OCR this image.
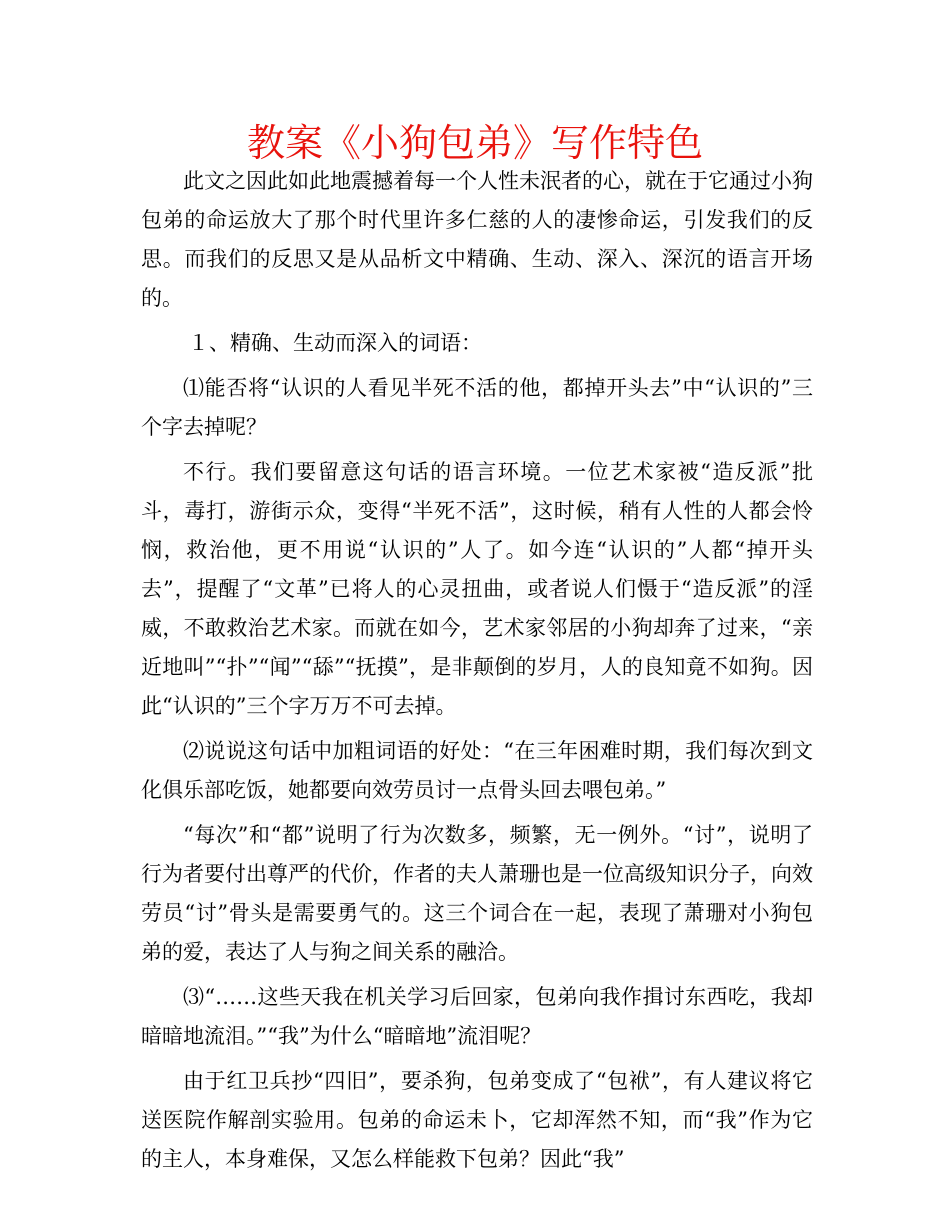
教案《小狗包弟》写作特色

此文之因此如此地震撼着每一个人性未泯者的心，就在于它通过小狗包弟的命运放大了那个时代里许多仁慈的人的凄惨命运，引发我们的反思。而我们的反思又是从品析文中精确、生动、深入、深沉的语言开场的。

１、精确、生动而深入的词语：

⑴能否将“认识的人看见半死不活的他，都掉开头去”中“认识的”三个字去掉呢？

不行。我们要留意这句话的语言环境。一位艺术家被“造反派”批斗，毒打，游街示众，变得“半死不活”，这时候，稍有人性的人都会怜悯，救治他，更不用说“认识的”人了。如今连“认识的”人都“掉开头去”，提醒了“文革”已将人的心灵扭曲，或者说人们慑于“造反派”的淫威，不敢救治艺术家。而就在如今，艺术家邻居的小狗却奔了过来，“亲近地叫”“扑”“闻”“舔”“抚摸”，是非颠倒的岁月，人的良知竟不如狗。因此“认识的”三个字万万不可去掉。

⑵说说这句话中加粗词语的好处：“在三年困难时期，我们每次到文化俱乐部吃饭，她都要向效劳员讨一点骨头回去喂包弟。”

“每次”和“都”说明了行为次数多，频繁，无一例外。“讨”，说明了行为者要付出尊严的代价，作者的夫人萧珊也是一位高级知识分子，向效劳员“讨”骨头是需要勇气的。这三个词合在一起，表现了萧珊对小狗包弟的爱，表达了人与狗之间关系的融洽。

⑶“……这些天我在机关学习后回家，包弟向我作揖讨东西吃，我却暗暗地流泪。”“我”为什么“暗暗地”流泪呢？

由于红卫兵抄“四旧”，要杀狗，包弟变成了“包袱”，有人建议将它送医院作解剖实验用。包弟的命运未卜，它却浑然不知，而“我”作为它的主人，本身难保，又怎么样能救下包弟？因此“我”
